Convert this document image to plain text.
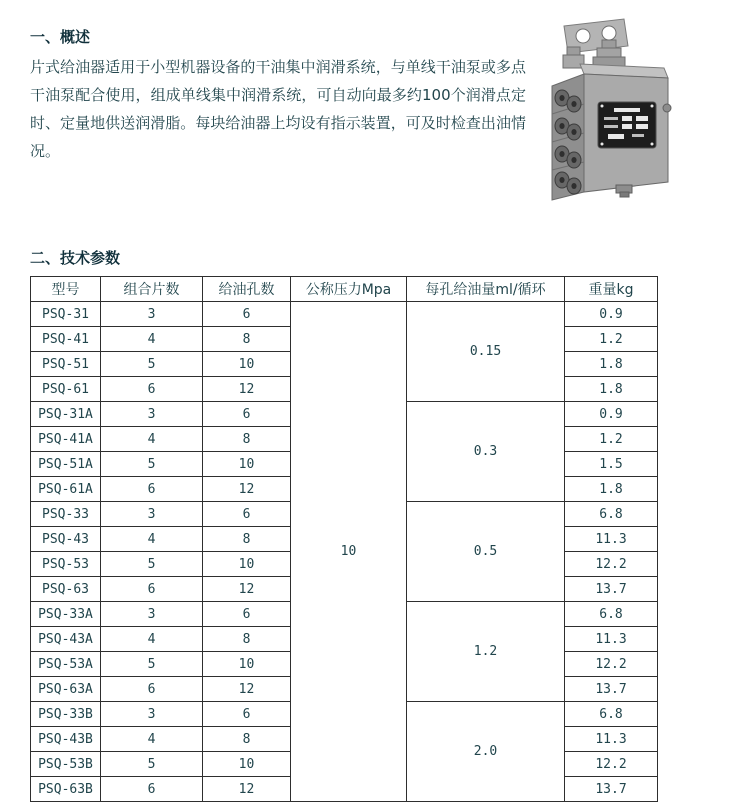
一、概述

片式给油器适用于小型机器设备的干油集中润滑系统，与单线干油泵或多点干油泵配合使用，组成单线集中润滑系统，可自动向最多约100个润滑点定时、定量地供送润滑脂。每块给油器上均设有指示装置，可及时检查出油情况。

二、技术参数
型号	组合片数	给油孔数	公称压力Mpa	每孔给油量ml/循环	重量kg
PSQ-31	3	6	10	0.15	0.9
PSQ-41	4	8			1.2
PSQ-51	5	10			1.8
PSQ-61	6	12			1.8
PSQ-31A	3	6		0.3	0.9
PSQ-41A	4	8			1.2
PSQ-51A	5	10			1.5
PSQ-61A	6	12			1.8
PSQ-33	3	6		0.5	6.8
PSQ-43	4	8			11.3
PSQ-53	5	10			12.2
PSQ-63	6	12			13.7
PSQ-33A	3	6		1.2	6.8
PSQ-43A	4	8			11.3
PSQ-53A	5	10			12.2
PSQ-63A	6	12			13.7
PSQ-33B	3	6		2.0	6.8
PSQ-43B	4	8			11.3
PSQ-53B	5	10			12.2
PSQ-63B	6	12			13.7
